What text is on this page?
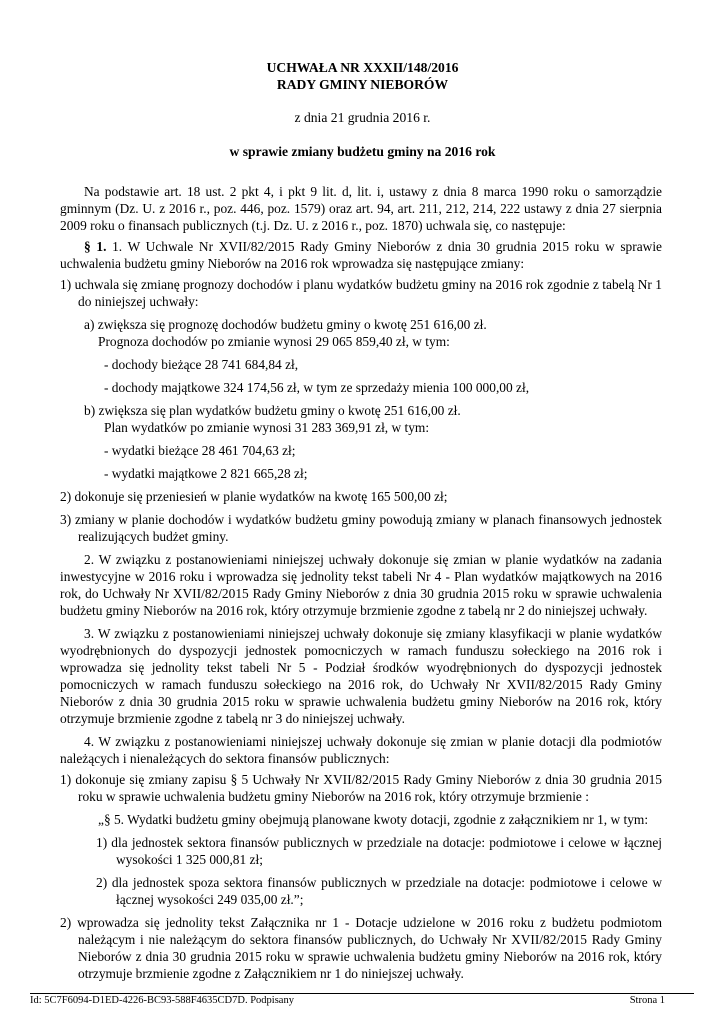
UCHWAŁA NR XXXII/148/2016
RADY GMINY NIEBORÓW
z dnia 21 grudnia 2016 r.
w sprawie zmiany budżetu gminy na 2016 rok

Na podstawie art. 18 ust. 2 pkt 4, i pkt 9 lit. d, lit. i, ustawy z dnia 8 marca 1990 roku o samorządzie gminnym (Dz. U. z 2016 r., poz. 446, poz. 1579) oraz art. 94, art. 211, 212, 214, 222 ustawy z dnia 27 sierpnia 2009 roku o finansach publicznych (t.j. Dz. U. z 2016 r., poz. 1870) uchwala się, co następuje:

§ 1. 1. W Uchwale Nr XVII/82/2015 Rady Gminy Nieborów z dnia 30 grudnia 2015 roku w sprawie uchwalenia budżetu gminy Nieborów na 2016 rok wprowadza się następujące zmiany:

1) uchwala się zmianę prognozy dochodów i planu wydatków budżetu gminy na 2016 rok zgodnie z tabelą Nr 1 do niniejszej uchwały:

a) zwiększa się prognozę dochodów budżetu gminy o kwotę 251 616,00 zł.

Prognoza dochodów po zmianie wynosi 29 065 859,40 zł, w tym:

- dochody bieżące 28 741 684,84 zł,

- dochody majątkowe 324 174,56 zł, w tym ze sprzedaży mienia 100 000,00 zł,

b) zwiększa się plan wydatków budżetu gminy o kwotę 251 616,00 zł.

Plan wydatków po zmianie wynosi 31 283 369,91 zł, w tym:

- wydatki bieżące 28 461 704,63 zł;

- wydatki majątkowe 2 821 665,28 zł;

2) dokonuje się przeniesień w planie wydatków na kwotę 165 500,00 zł;

3) zmiany w planie dochodów i wydatków budżetu gminy powodują zmiany w planach finansowych jednostek realizujących budżet gminy.

2. W związku z postanowieniami niniejszej uchwały dokonuje się zmian w planie wydatków na zadania inwestycyjne w 2016 roku i wprowadza się jednolity tekst tabeli Nr 4 - Plan wydatków majątkowych na 2016 rok, do Uchwały Nr XVII/82/2015 Rady Gminy Nieborów z dnia 30 grudnia 2015 roku w sprawie uchwalenia budżetu gminy Nieborów na 2016 rok, który otrzymuje brzmienie zgodne z tabelą nr 2 do niniejszej uchwały.

3. W związku z postanowieniami niniejszej uchwały dokonuje się zmiany klasyfikacji w planie wydatków wyodrębnionych do dyspozycji jednostek pomocniczych w ramach funduszu sołeckiego na 2016 rok i wprowadza się jednolity tekst tabeli Nr 5 - Podział środków wyodrębnionych do dyspozycji jednostek pomocniczych w ramach funduszu sołeckiego na 2016 rok, do Uchwały Nr XVII/82/2015 Rady Gminy Nieborów z dnia 30 grudnia 2015 roku w sprawie uchwalenia budżetu gminy Nieborów na 2016 rok, który otrzymuje brzmienie zgodne z tabelą nr 3 do niniejszej uchwały.

4. W związku z postanowieniami niniejszej uchwały dokonuje się zmian w planie dotacji dla podmiotów należących i nienależących do sektora finansów publicznych:

1) dokonuje się zmiany zapisu § 5 Uchwały Nr XVII/82/2015 Rady Gminy Nieborów z dnia 30 grudnia 2015 roku w sprawie uchwalenia budżetu gminy Nieborów na 2016 rok, który otrzymuje brzmienie :

„§ 5. Wydatki budżetu gminy obejmują planowane kwoty dotacji, zgodnie z załącznikiem nr 1, w tym:

1) dla jednostek sektora finansów publicznych w przedziale na dotacje: podmiotowe i celowe w łącznej wysokości 1 325 000,81 zł;

2) dla jednostek spoza sektora finansów publicznych w przedziale na dotacje: podmiotowe i celowe w łącznej wysokości 249 035,00 zł.”;

2) wprowadza się jednolity tekst Załącznika nr 1 - Dotacje udzielone w 2016 roku z budżetu podmiotom należącym i nie należącym do sektora finansów publicznych, do Uchwały Nr XVII/82/2015 Rady Gminy Nieborów z dnia 30 grudnia 2015 roku w sprawie uchwalenia budżetu gminy Nieborów na 2016 rok, który otrzymuje brzmienie zgodne z Załącznikiem nr 1 do niniejszej uchwały.

Id: 5C7F6094-D1ED-4226-BC93-588F4635CD7D. Podpisany	Strona 1
